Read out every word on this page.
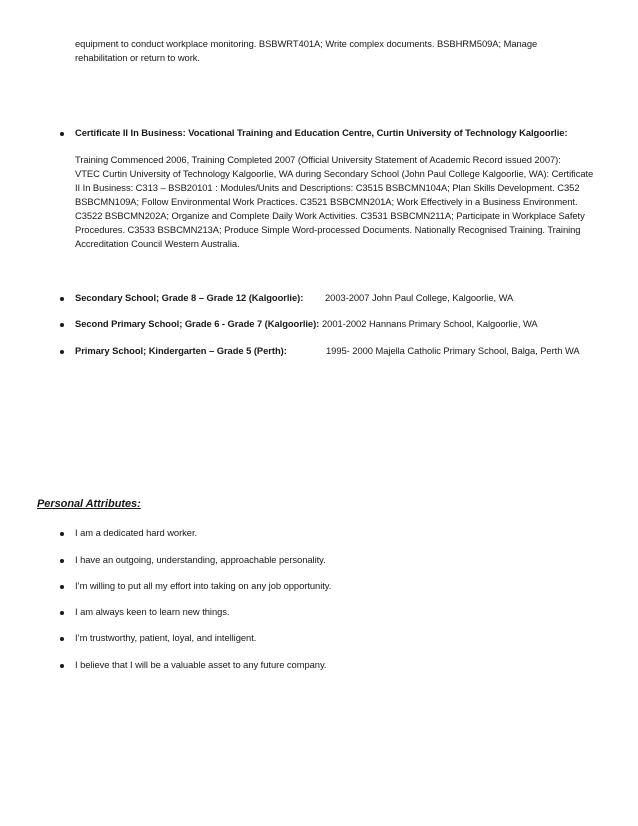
equipment to conduct workplace monitoring. BSBWRT401A; Write complex documents. BSBHRM509A; Manage
rehabilitation or return to work.
Certificate II In Business: Vocational Training and Education Centre, Curtin University of Technology Kalgoorlie:
Training Commenced 2006, Training Completed 2007 (Official University Statement of Academic Record issued 2007):
VTEC Curtin University of Technology Kalgoorlie, WA during Secondary School (John Paul College Kalgoorlie, WA): Certificate
II In Business: C313 – BSB20101 : Modules/Units and Descriptions: C3515 BSBCMN104A; Plan Skills Development. C352
BSBCMN109A; Follow Environmental Work Practices. C3521 BSBCMN201A; Work Effectively in a Business Environment.
C3522 BSBCMN202A; Organize and Complete Daily Work Activities. C3531 BSBCMN211A; Participate in Workplace Safety
Procedures. C3533 BSBCMN213A; Produce Simple Word-processed Documents. Nationally Recognised Training. Training
Accreditation Council Western Australia.
Secondary School; Grade 8 – Grade 12 (Kalgoorlie): 2003-2007 John Paul College, Kalgoorlie, WA
Second Primary School; Grade 6 - Grade 7 (Kalgoorlie): 2001-2002 Hannans Primary School, Kalgoorlie, WA
Primary School; Kindergarten – Grade 5 (Perth):	1995- 2000 Majella Catholic Primary School, Balga, Perth WA
Personal Attributes:
I am a dedicated hard worker.
I have an outgoing, understanding, approachable personality.
I’m willing to put all my effort into taking on any job opportunity.
I am always keen to learn new things.
I’m trustworthy, patient, loyal, and intelligent.
I believe that I will be a valuable asset to any future company.
